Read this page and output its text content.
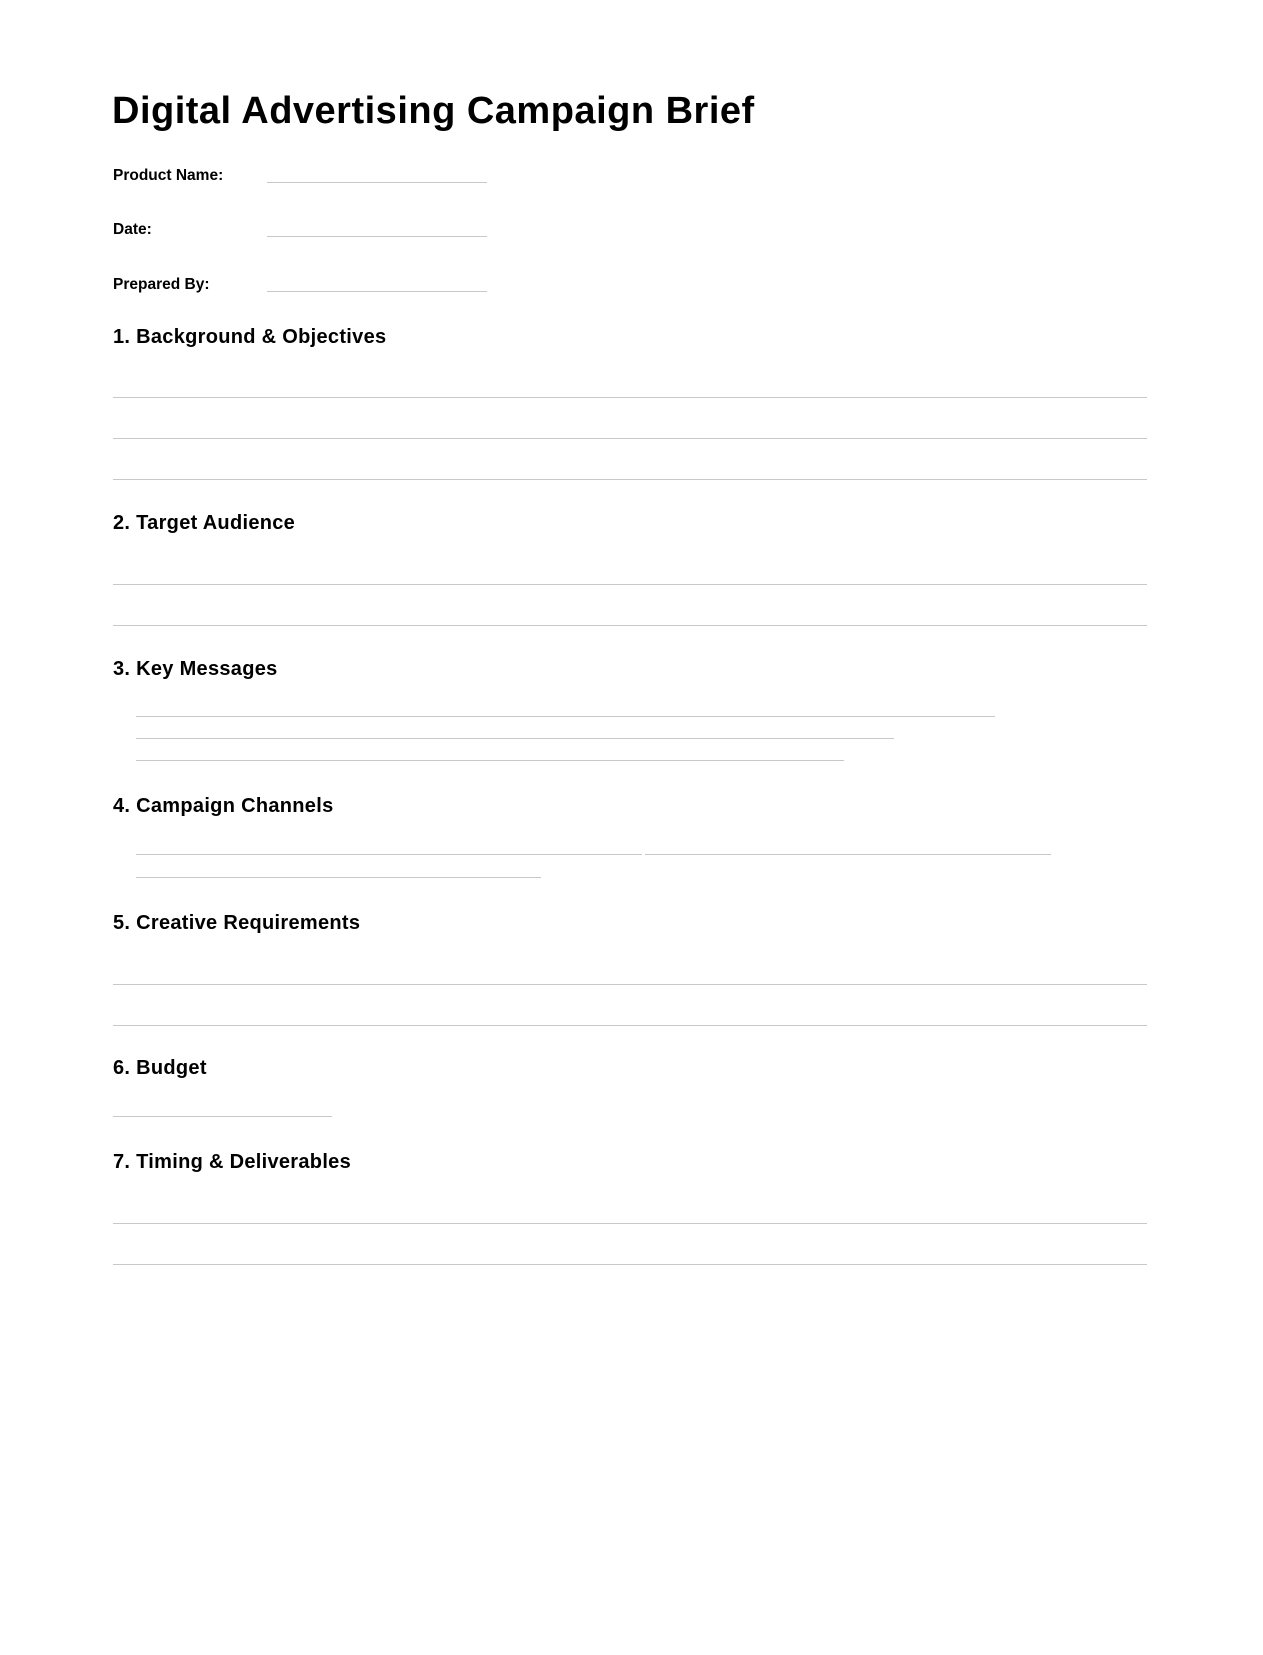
Digital Advertising Campaign Brief
Product Name:
Date:
Prepared By:
1. Background & Objectives
2. Target Audience
3. Key Messages
4. Campaign Channels
5. Creative Requirements
6. Budget
7. Timing & Deliverables
